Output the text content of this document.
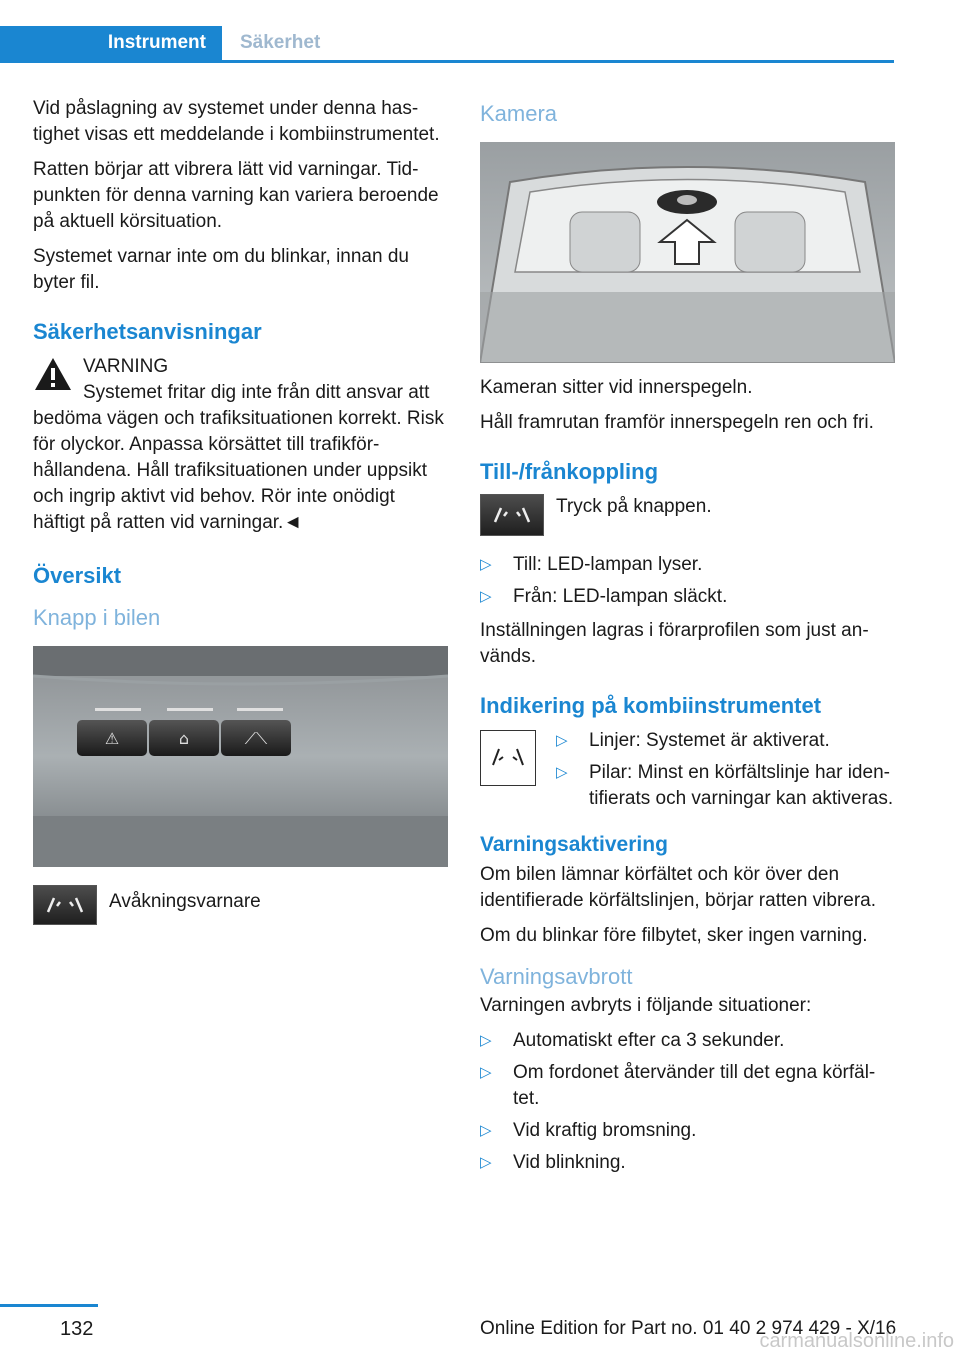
Instrument Säkerhet

Vid påslagning av systemet under denna hastighet visas ett meddelande i kombiinstrumentet.

Ratten börjar att vibrera lätt vid varningar. Tidpunkten för denna varning kan variera beroende på aktuell körsituation.

Systemet varnar inte om du blinkar, innan du byter fil.

Säkerhetsanvisningar
VARNING
Systemet fritar dig inte från ditt ansvar att
bedöma vägen och trafiksituationen korrekt. Risk för olyckor. Anpassa körsättet till trafikförhållandena. Håll trafiksituationen under uppsikt och ingrip aktivt vid behov. Rör inte onödigt häftigt på ratten vid varningar.◄
Översikt
Knapp i bilen
⚠	⌂	⟋⟍
Avåkningsvarnare
Kamera

Kameran sitter vid innerspegeln.

Håll framrutan framför innerspegeln ren och fri.

Till-/frånkoppling
Tryck på knappen.
▷ Till: LED-lampan lyser.
▷ Från: LED-lampan släckt.

Inställningen lagras i förarprofilen som just används.

Indikering på kombiinstrumentet
▷ Linjer: Systemet är aktiverat.
▷ Pilar: Minst en körfältslinje har identifierats och varningar kan aktiveras.
Varningsaktivering

Om bilen lämnar körfältet och kör över den identifierade körfältslinjen, börjar ratten vibrera.

Om du blinkar före filbytet, sker ingen varning.

Varningsavbrott

Varningen avbryts i följande situationer:

▷ Automatiskt efter ca 3 sekunder.
▷ Om fordonet återvänder till det egna körfältet.
▷ Vid kraftig bromsning.
▷ Vid blinkning.
132	Online Edition for Part no. 01 40 2 974 429 - X/16
carmanualsonline.info
